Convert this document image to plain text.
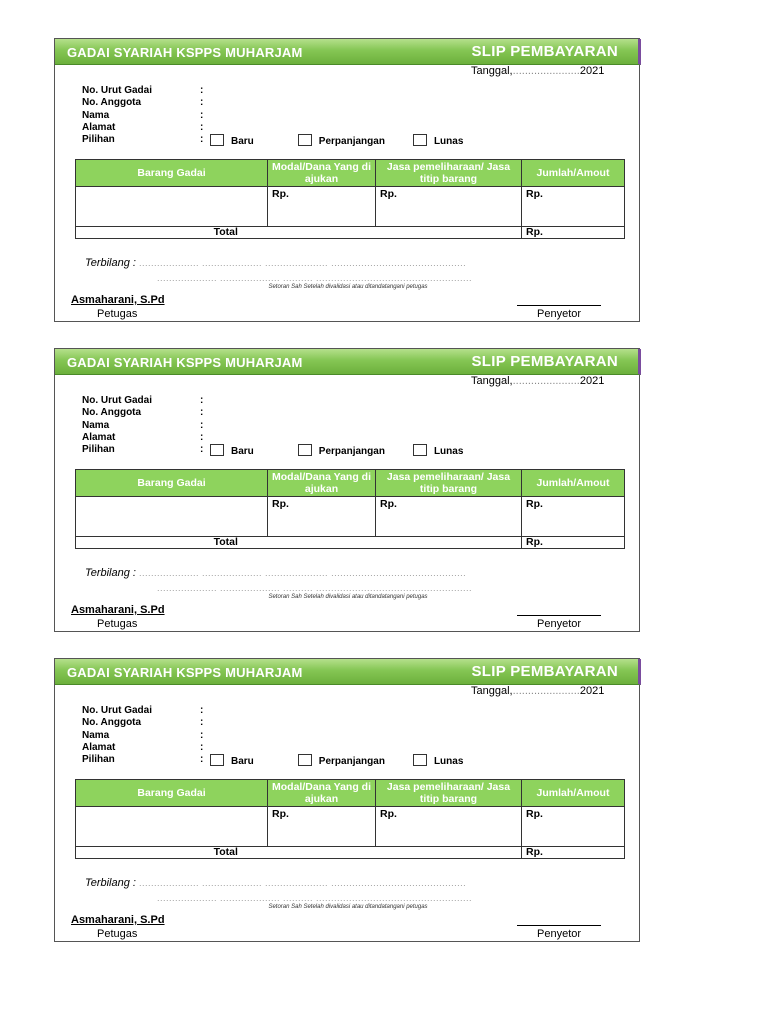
GADAI SYARIAH KSPPS MUHARJAM	SLIP PEMBAYARAN
Tanggal,......................2021
No. Urut Gadai	:
No. Anggota	:
Nama	:
Alamat	:
Pilihan	:	Baru	Perpanjangan	Lunas
Barang Gadai	Modal/Dana Yang di ajukan	Jasa pemeliharaan/ Jasa titip barang	Jumlah/Amout
	Rp.	Rp.	Rp.
Total			Rp.
Terbilang : .................... .................... ..................... .............................................
.................... .................... .......... ....................................................
Setoran Sah Setelah divalidasi atau ditandatangani petugas
Asmaharani, S.Pd
Petugas	Penyetor
GADAI SYARIAH KSPPS MUHARJAM	SLIP PEMBAYARAN
Tanggal,......................2021
No. Urut Gadai	:
No. Anggota	:
Nama	:
Alamat	:
Pilihan	:	Baru	Perpanjangan	Lunas
Barang Gadai	Modal/Dana Yang di ajukan	Jasa pemeliharaan/ Jasa titip barang	Jumlah/Amout
	Rp.	Rp.	Rp.
Total			Rp.
Terbilang : .................... .................... ..................... .............................................
.................... .................... .......... ....................................................
Setoran Sah Setelah divalidasi atau ditandatangani petugas
Asmaharani, S.Pd
Petugas	Penyetor
GADAI SYARIAH KSPPS MUHARJAM	SLIP PEMBAYARAN
Tanggal,......................2021
No. Urut Gadai	:
No. Anggota	:
Nama	:
Alamat	:
Pilihan	:	Baru	Perpanjangan	Lunas
Barang Gadai	Modal/Dana Yang di ajukan	Jasa pemeliharaan/ Jasa titip barang	Jumlah/Amout
	Rp.	Rp.	Rp.
Total			Rp.
Terbilang : .................... .................... ..................... .............................................
.................... .................... .......... ....................................................
Setoran Sah Setelah divalidasi atau ditandatangani petugas
Asmaharani, S.Pd
Petugas	Penyetor
